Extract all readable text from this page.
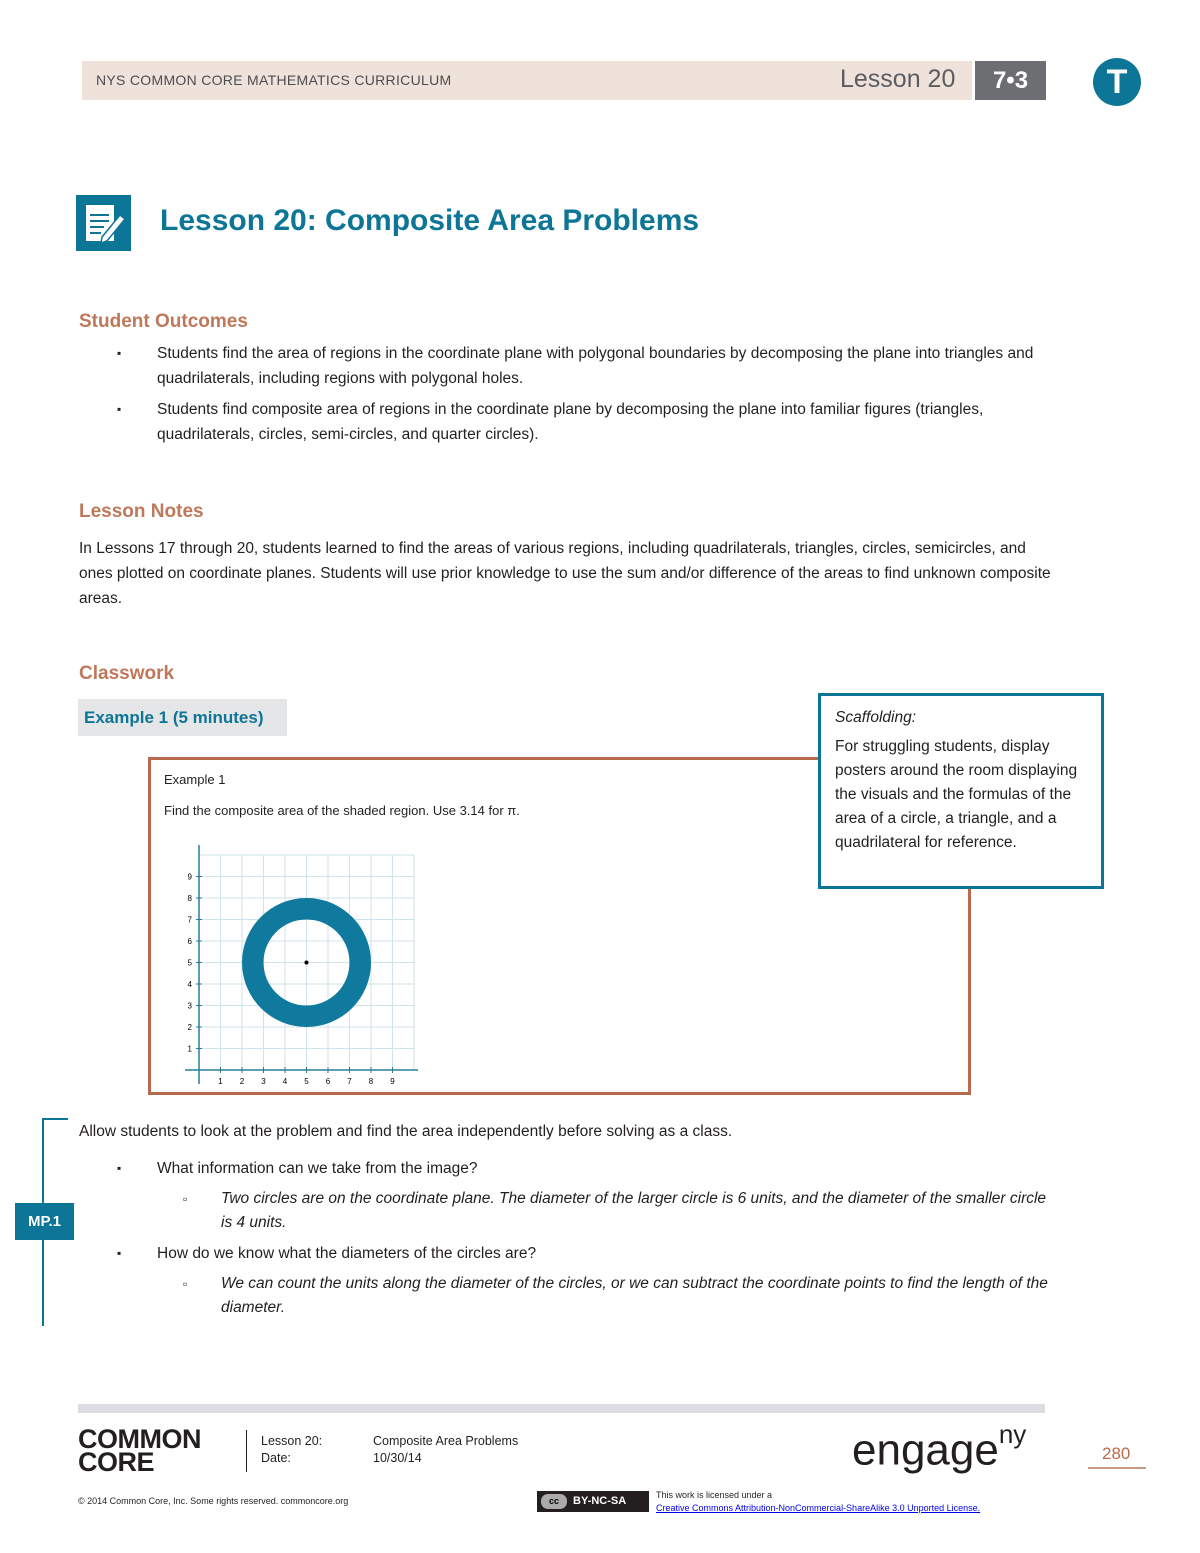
NYS COMMON CORE MATHEMATICS CURRICULUM	Lesson 20	7•3	T
Lesson 20: Composite Area Problems
Student Outcomes
▪ Students find the area of regions in the coordinate plane with polygonal boundaries by decomposing the plane into triangles and quadrilaterals, including regions with polygonal holes.
▪ Students find composite area of regions in the coordinate plane by decomposing the plane into familiar figures (triangles, quadrilaterals, circles, semi-circles, and quarter circles).
Lesson Notes
In Lessons 17 through 20, students learned to find the areas of various regions, including quadrilaterals, triangles, circles, semicircles, and ones plotted on coordinate planes. Students will use prior knowledge to use the sum and/or difference of the areas to find unknown composite areas.
Classwork
Example 1 (5 minutes)
Example 1
Find the composite area of the shaded region. Use 3.14 for π.
1 2 3 4 5 6 7 8 9
1
2
3
4
5
6
7
8
9
Scaffolding:
For struggling students, display posters around the room displaying the visuals and the formulas of the area of a circle, a triangle, and a quadrilateral for reference.
MP.1
Allow students to look at the problem and find the area independently before solving as a class.
▪ What information can we take from the image?
▫ Two circles are on the coordinate plane. The diameter of the larger circle is 6 units, and the diameter of the smaller circle is 4 units.
▪ How do we know what the diameters of the circles are?
▫ We can count the units along the diameter of the circles, or we can subtract the coordinate points to find the length of the diameter.
COMMON
CORE
Lesson 20:
Date:
Composite Area Problems
10/30/14	engage$^{ny}$
280
© 2014 Common Core, Inc. Some rights reserved. commoncore.org	cc	BY-NC-SA	This work is licensed under a
Creative Commons Attribution-NonCommercial-ShareAlike 3.0 Unported License.
